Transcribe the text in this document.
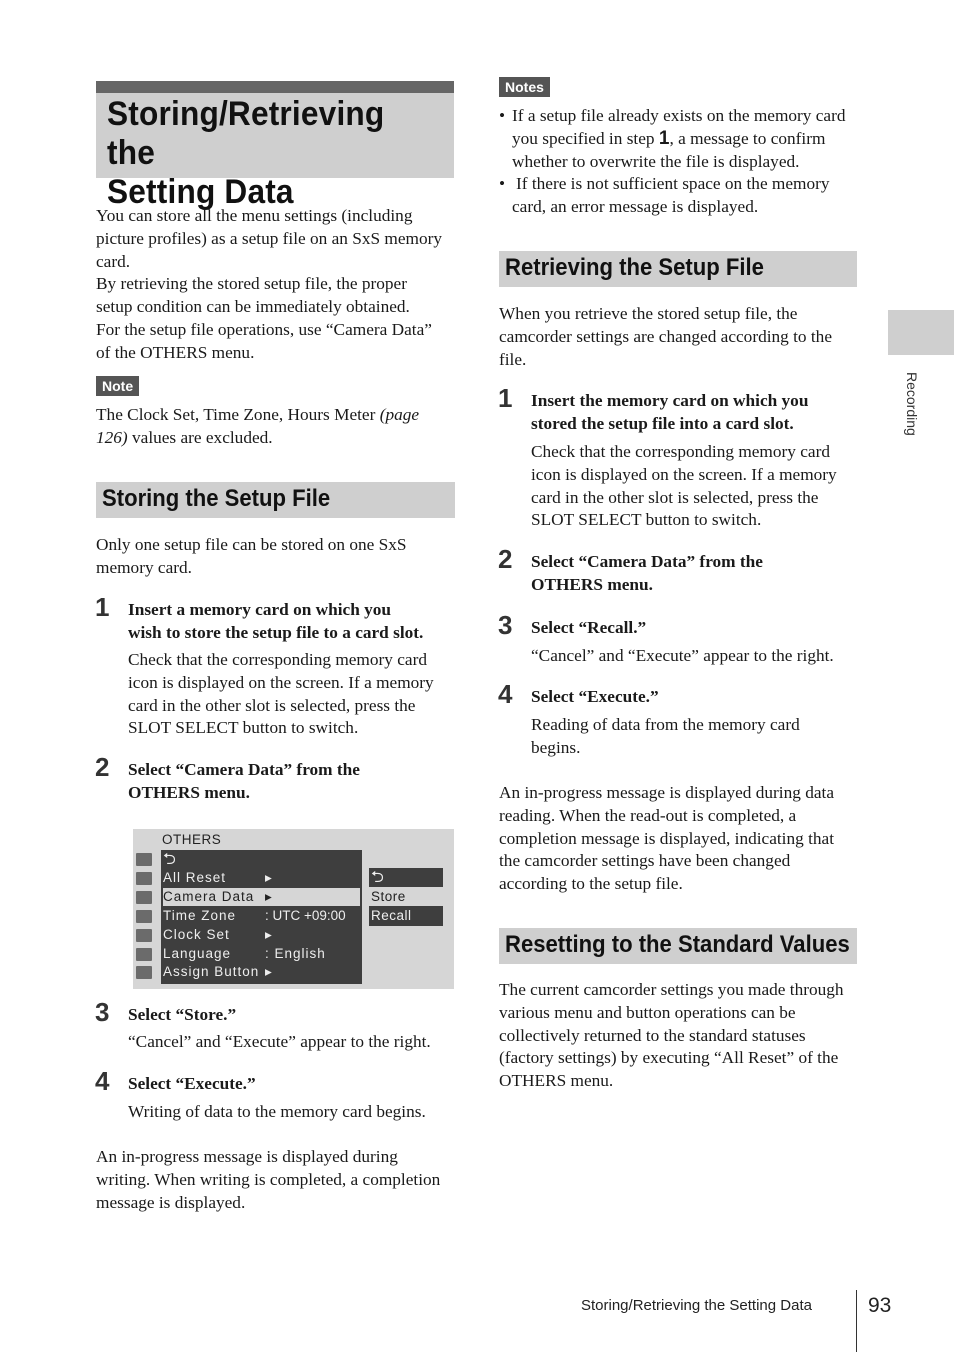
Storing/Retrieving the
Setting Data
You can store all the menu settings (including
picture profiles) as a setup file on an SxS memory
card.
By retrieving the stored setup file, the proper
setup condition can be immediately obtained.
For the setup file operations, use “Camera Data”
of the OTHERS menu.
Note
The Clock Set, Time Zone, Hours Meter (page
126) values are excluded.
Storing the Setup File
Only one setup file can be stored on one SxS
memory card.
1 Insert a memory card on which you
wish to store the setup file to a card slot.
Check that the corresponding memory card
icon is displayed on the screen. If a memory
card in the other slot is selected, press the
SLOT SELECT button to switch.
2 Select “Camera Data” from the
OTHERS menu.
OTHERS
⮌
All Reset	▸
Camera Data ▸
Time Zone : UTC +09:00
Clock Set	▸
Language	: English
Assign Button ▸
⮌
Store
Recall
3 Select “Store.”
“Cancel” and “Execute” appear to the right.
4 Select “Execute.”
Writing of data to the memory card begins.
An in-progress message is displayed during
writing. When writing is completed, a completion
message is displayed.
Notes
• If a setup file already exists on the memory card
you specified in step 1, a message to confirm
whether to overwrite the file is displayed.
• If there is not sufficient space on the memory
card, an error message is displayed.
Retrieving the Setup File
When you retrieve the stored setup file, the
camcorder settings are changed according to the
file.
1 Insert the memory card on which you
stored the setup file into a card slot.
Check that the corresponding memory card
icon is displayed on the screen. If a memory
card in the other slot is selected, press the
SLOT SELECT button to switch.
2 Select “Camera Data” from the
OTHERS menu.
3 Select “Recall.”
“Cancel” and “Execute” appear to the right.
4 Select “Execute.”
Reading of data from the memory card
begins.
An in-progress message is displayed during data
reading. When the read-out is completed, a
completion message is displayed, indicating that
the camcorder settings have been changed
according to the setup file.
Resetting to the Standard Values
The current camcorder settings you made through
various menu and button operations can be
collectively returned to the standard statuses
(factory settings) by executing “All Reset” of the
OTHERS menu.
Recording
Storing/Retrieving the Setting Data	93
